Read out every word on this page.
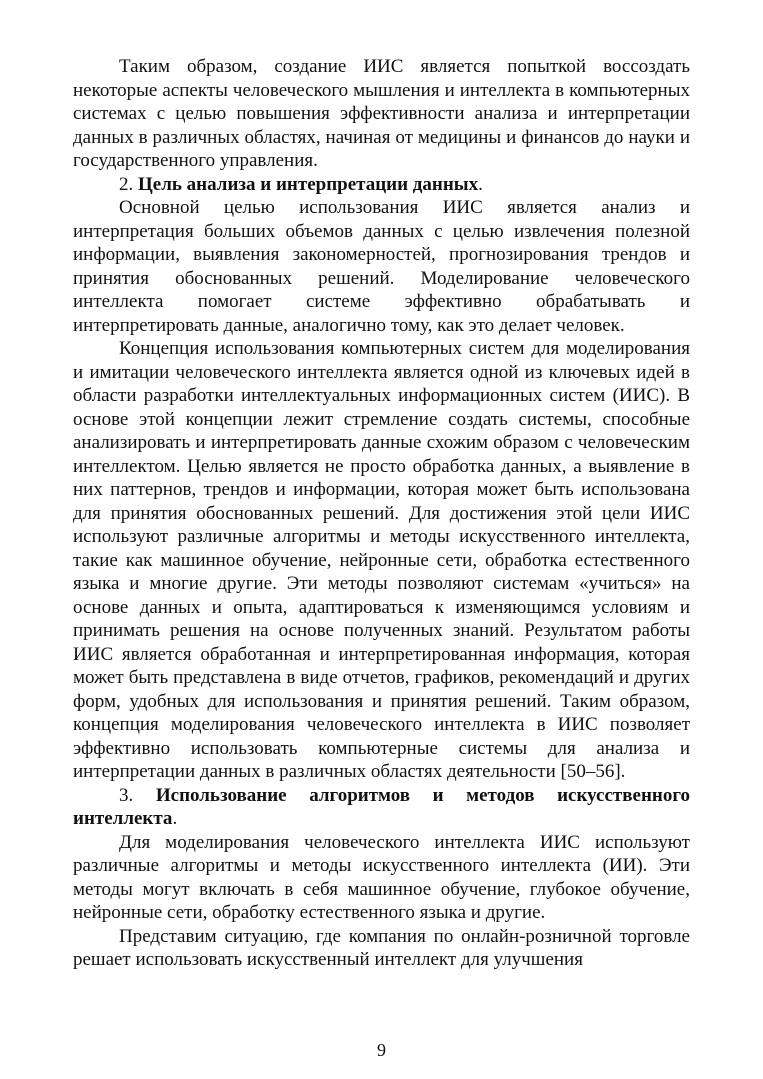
Таким образом, создание ИИС является попыткой воссоздать некоторые аспекты человеческого мышления и интеллекта в компьютерных системах с целью повышения эффективности анализа и интерпретации данных в различных областях, начиная от медицины и финансов до науки и государственного управления.

2. Цель анализа и интерпретации данных.

Основной целью использования ИИС является анализ и интерпретация больших объемов данных с целью извлечения полезной информации, выявления закономерностей, прогнозирования трендов и принятия обоснованных решений. Моделирование человеческого интеллекта помогает системе эффективно обрабатывать и интерпретировать данные, аналогично тому, как это делает человек.

Концепция использования компьютерных систем для моделирования и имитации человеческого интеллекта является одной из ключевых идей в области разработки интеллектуальных информационных систем (ИИС). В основе этой концепции лежит стремление создать системы, способные анализировать и интерпретировать данные схожим образом с человеческим интеллектом. Целью является не просто обработка данных, а выявление в них паттернов, трендов и информации, которая может быть использована для принятия обоснованных решений. Для достижения этой цели ИИС используют различные алгоритмы и методы искусственного интеллекта, такие как машинное обучение, нейронные сети, обработка естественного языка и многие другие. Эти методы позволяют системам «учиться» на основе данных и опыта, адаптироваться к изменяющимся условиям и принимать решения на основе полученных знаний. Результатом работы ИИС является обработанная и интерпретированная информация, которая может быть представлена в виде отчетов, графиков, рекомендаций и других форм, удобных для использования и принятия решений. Таким образом, концепция моделирования человеческого интеллекта в ИИС позволяет эффективно использовать компьютерные системы для анализа и интерпретации данных в различных областях деятельности [50–56].

3. Использование алгоритмов и методов искусственного интеллекта.

Для моделирования человеческого интеллекта ИИС используют различные алгоритмы и методы искусственного интеллекта (ИИ). Эти методы могут включать в себя машинное обучение, глубокое обучение, нейронные сети, обработку естественного языка и другие.

Представим ситуацию, где компания по онлайн-розничной торговле решает использовать искусственный интеллект для улучшения

9
